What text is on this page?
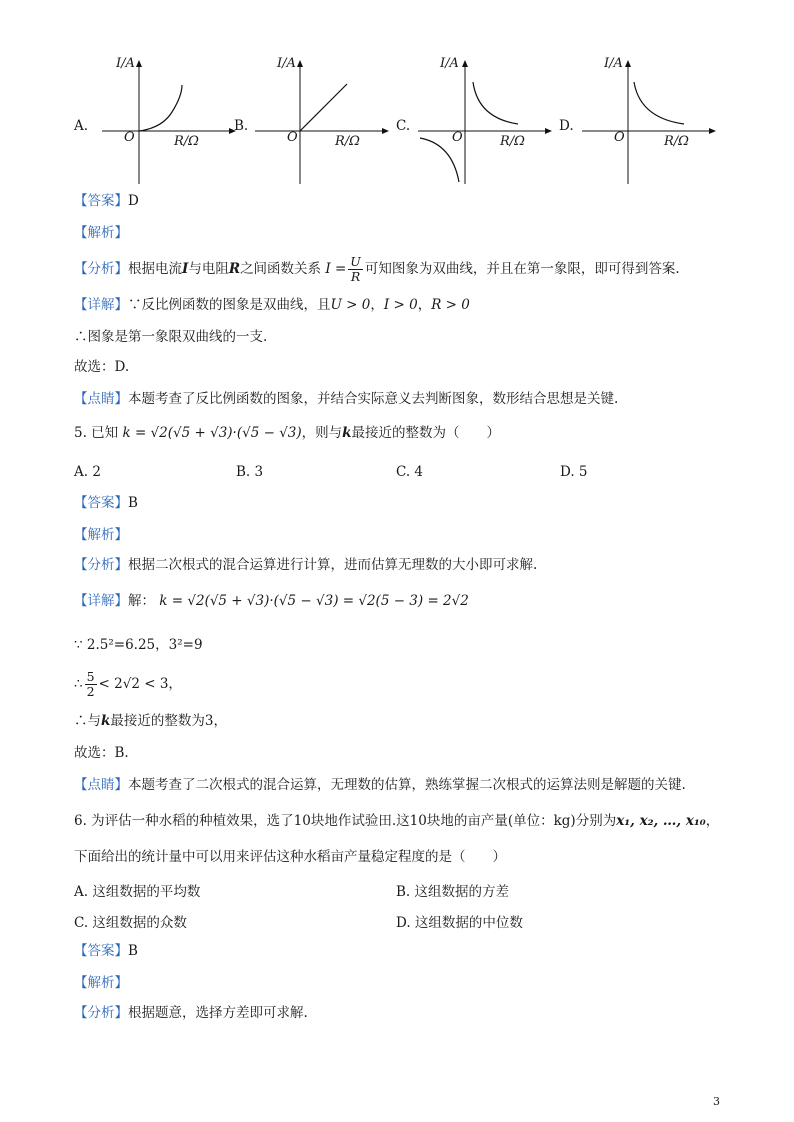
A.
I/A
O	R/Ω
B.
I/A
O	R/Ω
C.
I/A
O	R/Ω
D.
I/A
O	R/Ω
【答案】D
【解析】
【分析】根据电流I与电阻R之间函数关系 $I = \frac{U}{R}$ 可知图象为双曲线，并且在第一象限，即可得到答案.
【详解】∵反比例函数的图象是双曲线，且U > 0，I > 0，R > 0
∴图象是第一象限双曲线的一支.
故选：D.
【点睛】本题考查了反比例函数的图象，并结合实际意义去判断图象，数形结合思想是关键.
5. 已知 k = √2(√5 + √3)·(√5 − √3)，则与k最接近的整数为（　　）
A. 2	B. 3	C. 4	D. 5
【答案】B
【解析】
【分析】根据二次根式的混合运算进行计算，进而估算无理数的大小即可求解.
【详解】解： k = √2(√5 + √3)·(√5 − √3) = √2(5 − 3) = 2√2
∵ 2.5²=6.25，3²=9
∴ $\frac{5}{2} < 2√2 < 3$，
∴与k最接近的整数为3，
故选：B.
【点睛】本题考查了二次根式的混合运算，无理数的估算，熟练掌握二次根式的运算法则是解题的关键.
6. 为评估一种水稻的种植效果，选了10块地作试验田.这10块地的亩产量(单位：kg)分别为x₁, x₂, …, x₁₀，
下面给出的统计量中可以用来评估这种水稻亩产量稳定程度的是（　　）
A. 这组数据的平均数	B. 这组数据的方差
C. 这组数据的众数	D. 这组数据的中位数
【答案】B
【解析】
【分析】根据题意，选择方差即可求解.
3
